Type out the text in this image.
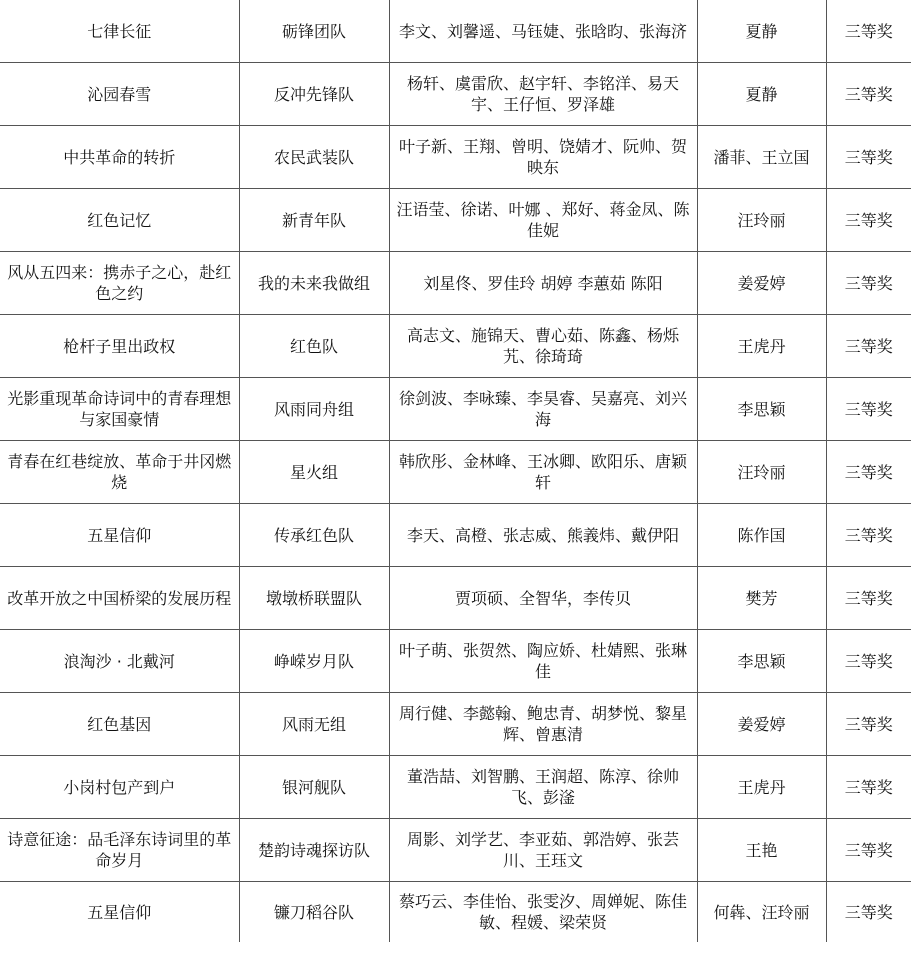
七律长征	砺锋团队	李文、刘馨遥、马钰婕、张晗昀、张海济	夏静	三等奖
沁园春雪	反冲先锋队	杨轩、虞雷欣、赵宇轩、李铭洋、易天宇、王仔恒、罗泽雄	夏静	三等奖
中共革命的转折	农民武装队	叶子新、王翔、曾明、饶婧才、阮帅、贺映东	潘菲、王立国	三等奖
红色记忆	新青年队	汪语莹、徐诺、叶娜 、郑好、蒋金凤、陈佳妮	汪玲丽	三等奖
风从五四来：携赤子之心，赴红色之约	我的未来我做组	刘星佟、罗佳玲 胡婷 李蕙茹 陈阳	姜爱婷	三等奖
枪杆子里出政权	红色队	高志文、施锦天、曹心茹、陈鑫、杨烁艽、徐琦琦	王虎丹	三等奖
光影重现革命诗词中的青春理想与家国豪情	风雨同舟组	徐剑波、李咏臻、李昊睿、吴嘉亮、刘兴海	李思颖	三等奖
青春在红巷绽放、革命于井冈燃烧	星火组	韩欣彤、金林峰、王冰卿、欧阳乐、唐颖轩	汪玲丽	三等奖
五星信仰	传承红色队	李天、高橙、张志威、熊義炜、戴伊阳	陈作国	三等奖
改革开放之中国桥梁的发展历程	墩墩桥联盟队	贾项硕、全智华，李传贝	樊芳	三等奖
浪淘沙 · 北戴河	峥嵘岁月队	叶子萌、张贺然、陶应娇、杜婧熙、张琳佳	李思颖	三等奖
红色基因	风雨无组	周行健、李懿翰、鲍忠青、胡梦悦、黎星辉、曾惠清	姜爱婷	三等奖
小岗村包产到户	银河舰队	董浩喆、刘智鹏、王润超、陈淳、徐帅飞、彭滏	王虎丹	三等奖
诗意征途：品毛泽东诗词里的革命岁月	楚韵诗魂探访队	周影、刘学艺、李亚茹、郭浩婷、张芸川、王珏文	王艳	三等奖
五星信仰	镰刀稻谷队	蔡巧云、李佳怡、张雯汐、周婵妮、陈佳敏、程媛、梁荣贤	何犇、汪玲丽	三等奖
